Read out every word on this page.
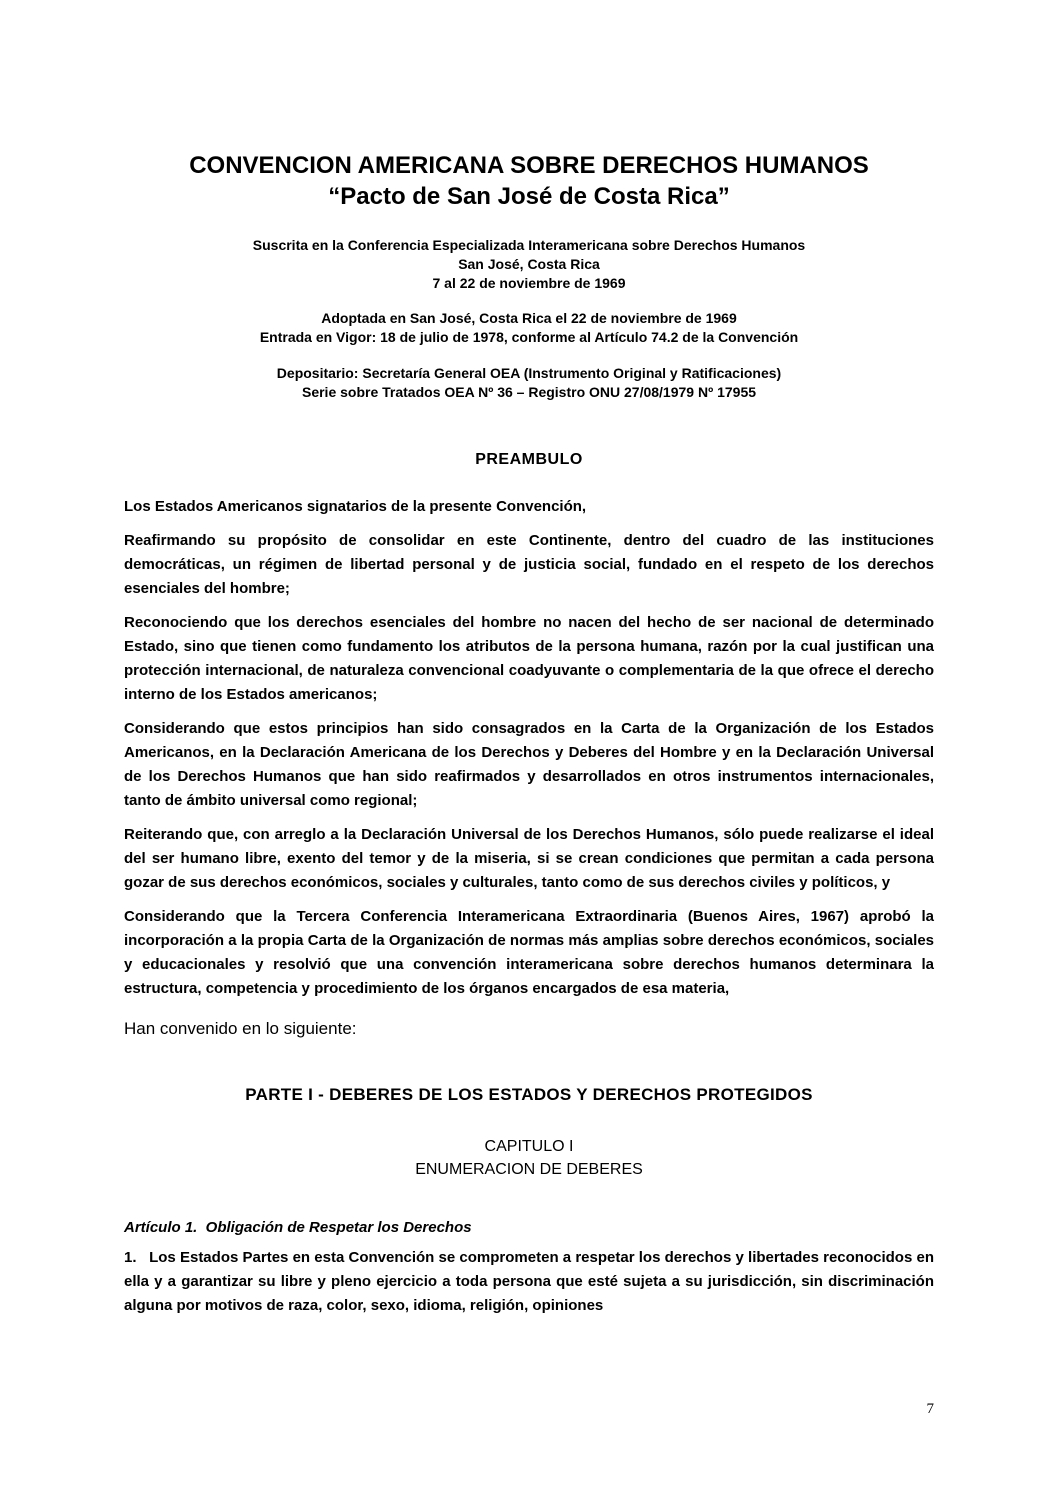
CONVENCION AMERICANA SOBRE DERECHOS HUMANOS
“Pacto de San José de Costa Rica”
Suscrita en la Conferencia Especializada Interamericana sobre Derechos Humanos
San José, Costa Rica
7 al 22 de noviembre de 1969
Adoptada en San José, Costa Rica el 22 de noviembre de 1969
Entrada en Vigor: 18 de julio de 1978, conforme al Artículo 74.2 de la Convención
Depositario: Secretaría General OEA (Instrumento Original y Ratificaciones)
Serie sobre Tratados OEA Nº 36 – Registro ONU 27/08/1979 Nº 17955
PREAMBULO

Los Estados Americanos signatarios de la presente Convención,

Reafirmando su propósito de consolidar en este Continente, dentro del cuadro de las instituciones democráticas, un régimen de libertad personal y de justicia social, fundado en el respeto de los derechos esenciales del hombre;

Reconociendo que los derechos esenciales del hombre no nacen del hecho de ser nacional de determinado Estado, sino que tienen como fundamento los atributos de la persona humana, razón por la cual justifican una protección internacional, de naturaleza convencional coadyuvante o complementaria de la que ofrece el derecho interno de los Estados americanos;

Considerando que estos principios han sido consagrados en la Carta de la Organización de los Estados Americanos, en la Declaración Americana de los Derechos y Deberes del Hombre y en la Declaración Universal de los Derechos Humanos que han sido reafirmados y desarrollados en otros instrumentos internacionales, tanto de ámbito universal como regional;

Reiterando que, con arreglo a la Declaración Universal de los Derechos Humanos, sólo puede realizarse el ideal del ser humano libre, exento del temor y de la miseria, si se crean condiciones que permitan a cada persona gozar de sus derechos económicos, sociales y culturales, tanto como de sus derechos civiles y políticos, y

Considerando que la Tercera Conferencia Interamericana Extraordinaria (Buenos Aires, 1967) aprobó la incorporación a la propia Carta de la Organización de normas más amplias sobre derechos económicos, sociales y educacionales y resolvió que una convención interamericana sobre derechos humanos determinara la estructura, competencia y procedimiento de los órganos encargados de esa materia,

Han convenido en lo siguiente:

PARTE I - DEBERES DE LOS ESTADOS Y DERECHOS PROTEGIDOS
CAPITULO I
ENUMERACION DE DEBERES
Artículo 1.  Obligación de Respetar los Derechos

1.   Los Estados Partes en esta Convención se comprometen a respetar los derechos y libertades reconocidos en ella y a garantizar su libre y pleno ejercicio a toda persona que esté sujeta a su jurisdicción, sin discriminación alguna por motivos de raza, color, sexo, idioma, religión, opiniones

7
